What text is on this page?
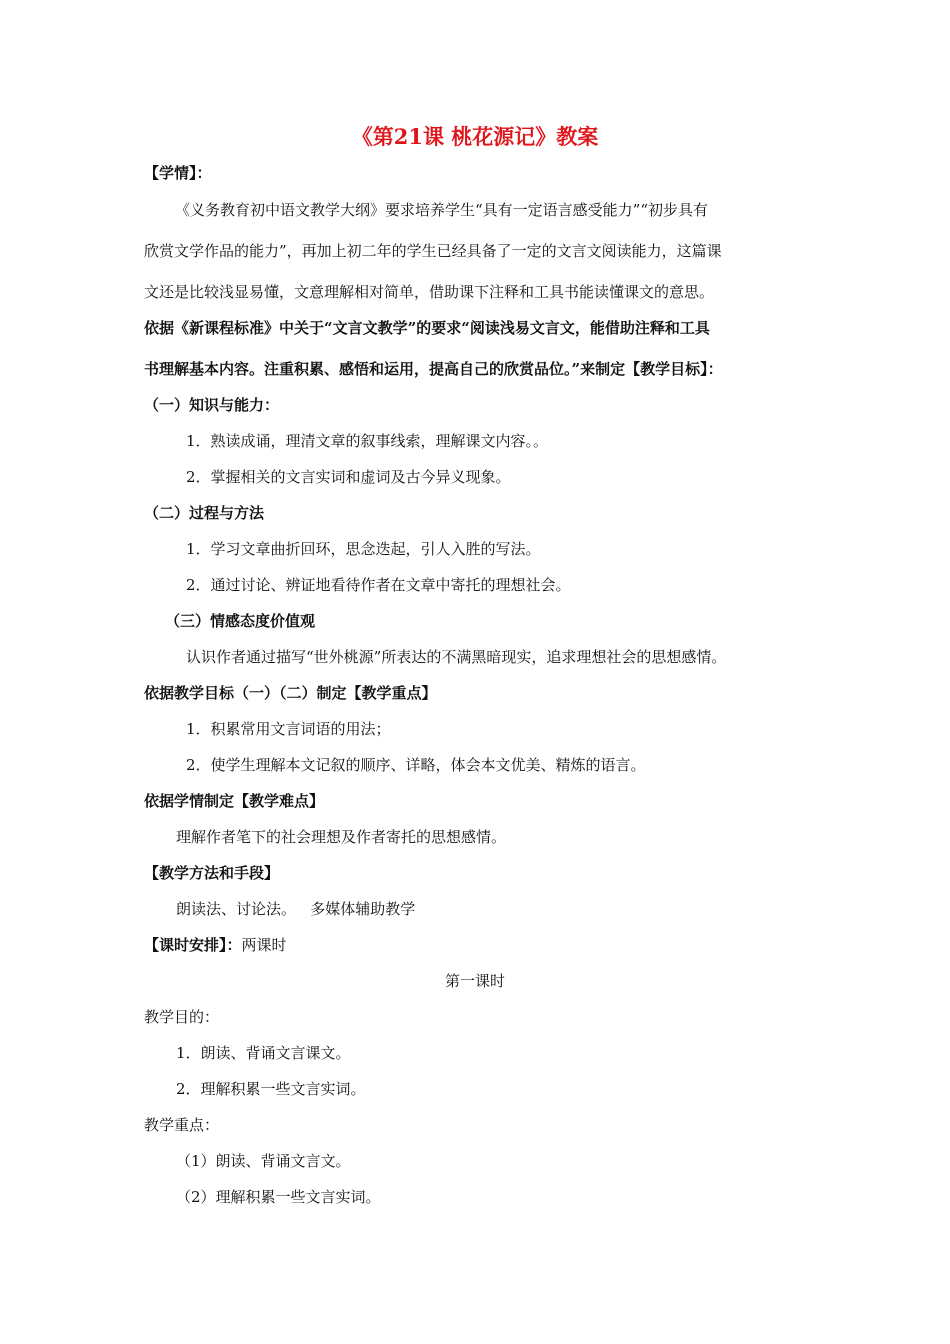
《第21课 桃花源记》教案
【学情】：
《义务教育初中语文教学大纲》要求培养学生“具有一定语言感受能力”“初步具有
欣赏文学作品的能力”，再加上初二年的学生已经具备了一定的文言文阅读能力，这篇课
文还是比较浅显易懂，文意理解相对简单，借助课下注释和工具书能读懂课文的意思。
依据《新课程标准》中关于“文言文教学”的要求“阅读浅易文言文，能借助注释和工具
书理解基本内容。注重积累、感悟和运用，提高自己的欣赏品位。”来制定【教学目标】：
（一）知识与能力：
1．熟读成诵，理清文章的叙事线索，理解课文内容。。
2．掌握相关的文言实词和虚词及古今异义现象。
（二）过程与方法
1．学习文章曲折回环，思念迭起，引人入胜的写法。
2．通过讨论、辨证地看待作者在文章中寄托的理想社会。
（三）情感态度价值观
认识作者通过描写“世外桃源”所表达的不满黑暗现实，追求理想社会的思想感情。
依据教学目标（一）（二）制定【教学重点】
1．积累常用文言词语的用法；
2．使学生理解本文记叙的顺序、详略，体会本文优美、精炼的语言。
依据学情制定【教学难点】
理解作者笔下的社会理想及作者寄托的思想感情。
【教学方法和手段】
朗读法、讨论法。   多媒体辅助教学
【课时安排】：两课时
第一课时
教学目的：
1．朗读、背诵文言课文。
2．理解积累一些文言实词。
教学重点：
（1）朗读、背诵文言文。
（2）理解积累一些文言实词。
